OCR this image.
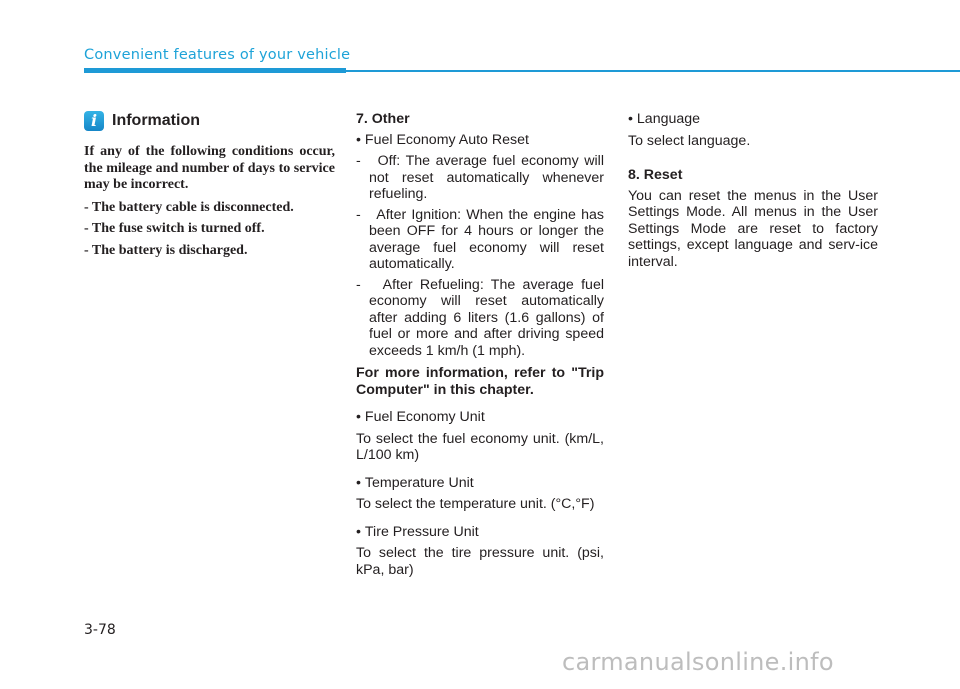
Convenient features of your vehicle
i Information

If any of the following conditions occur, the mileage and number of days to service may be incorrect.

- The battery cable is disconnected.

- The fuse switch is turned off.

- The battery is discharged.

7. Other

• Fuel Economy Auto Reset

-   Off: The average fuel economy will not reset automatically whenever refueling.

-   After Ignition: When the engine has been OFF for 4 hours or longer the average fuel economy will reset automatically.

-   After Refueling: The average fuel economy will reset automatically after adding 6 liters (1.6 gallons) of fuel or more and after driving speed exceeds 1 km/h (1 mph).

For more information, refer to "Trip Computer" in this chapter.

• Fuel Economy Unit

To select the fuel economy unit. (km/L, L/100 km)

• Temperature Unit

To select the temperature unit. (°C,°F)

• Tire Pressure Unit

To select the tire pressure unit. (psi, kPa, bar)

• Language

To select language.

8. Reset

You can reset the menus in the User Settings Mode. All menus in the User Settings Mode are reset to factory settings, except language and serv-ice interval.

3-78
carmanualsonline.info
